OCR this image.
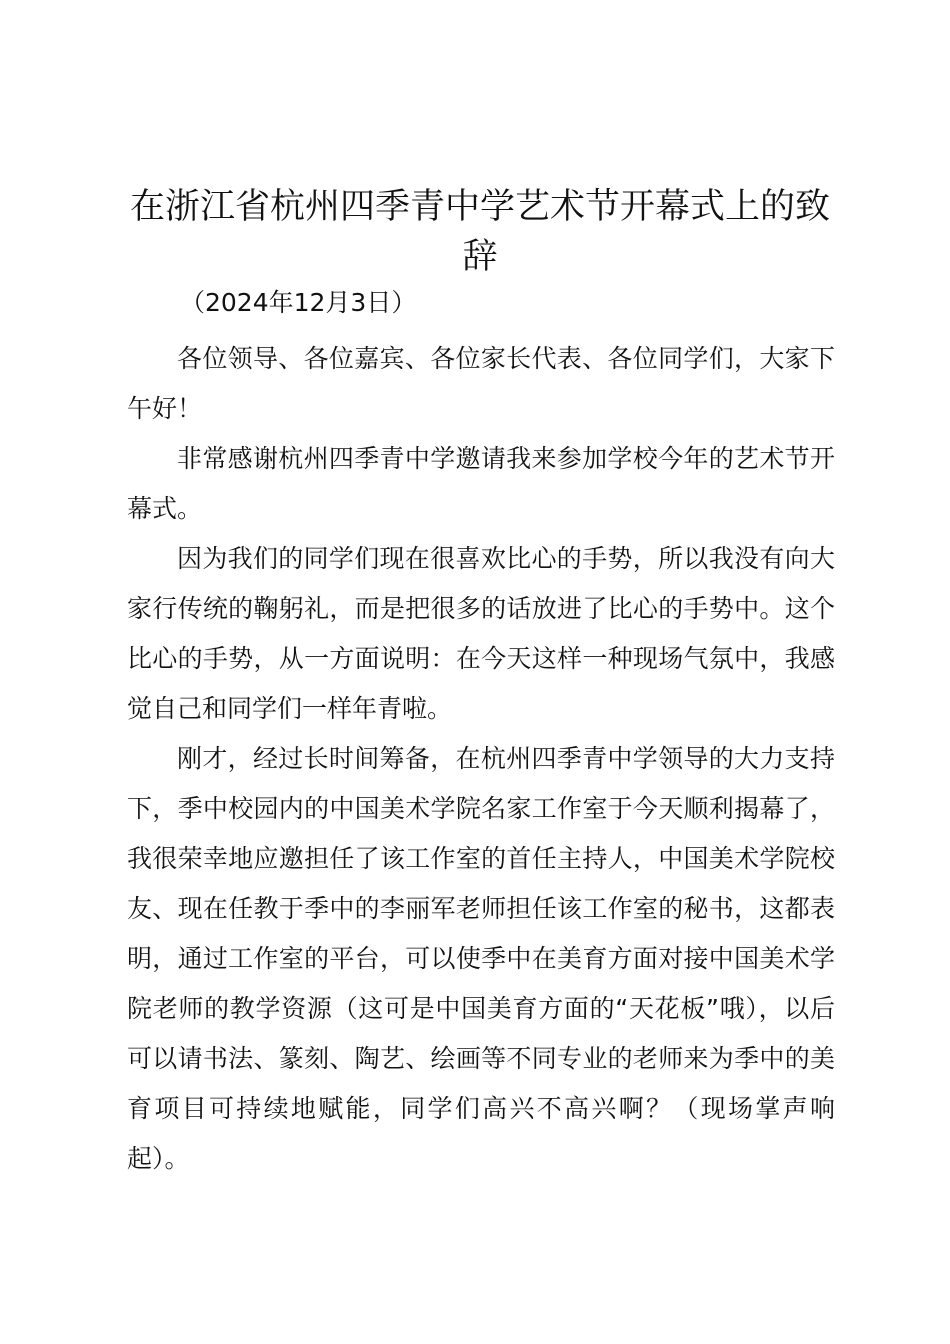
在浙江省杭州四季青中学艺术节开幕式上的致辞

（2024年12月3日）

各位领导、各位嘉宾、各位家长代表、各位同学们，大家下午好！

非常感谢杭州四季青中学邀请我来参加学校今年的艺术节开幕式。

因为我们的同学们现在很喜欢比心的手势，所以我没有向大家行传统的鞠躬礼，而是把很多的话放进了比心的手势中。这个比心的手势，从一方面说明：在今天这样一种现场气氛中，我感觉自己和同学们一样年青啦。

刚才，经过长时间筹备，在杭州四季青中学领导的大力支持下，季中校园内的中国美术学院名家工作室于今天顺利揭幕了，我很荣幸地应邀担任了该工作室的首任主持人，中国美术学院校友、现在任教于季中的李丽军老师担任该工作室的秘书，这都表明，通过工作室的平台，可以使季中在美育方面对接中国美术学院老师的教学资源（这可是中国美育方面的“天花板”哦），以后可以请书法、篆刻、陶艺、绘画等不同专业的老师来为季中的美育项目可持续地赋能，同学们高兴不高兴啊？（现场掌声响起）。
